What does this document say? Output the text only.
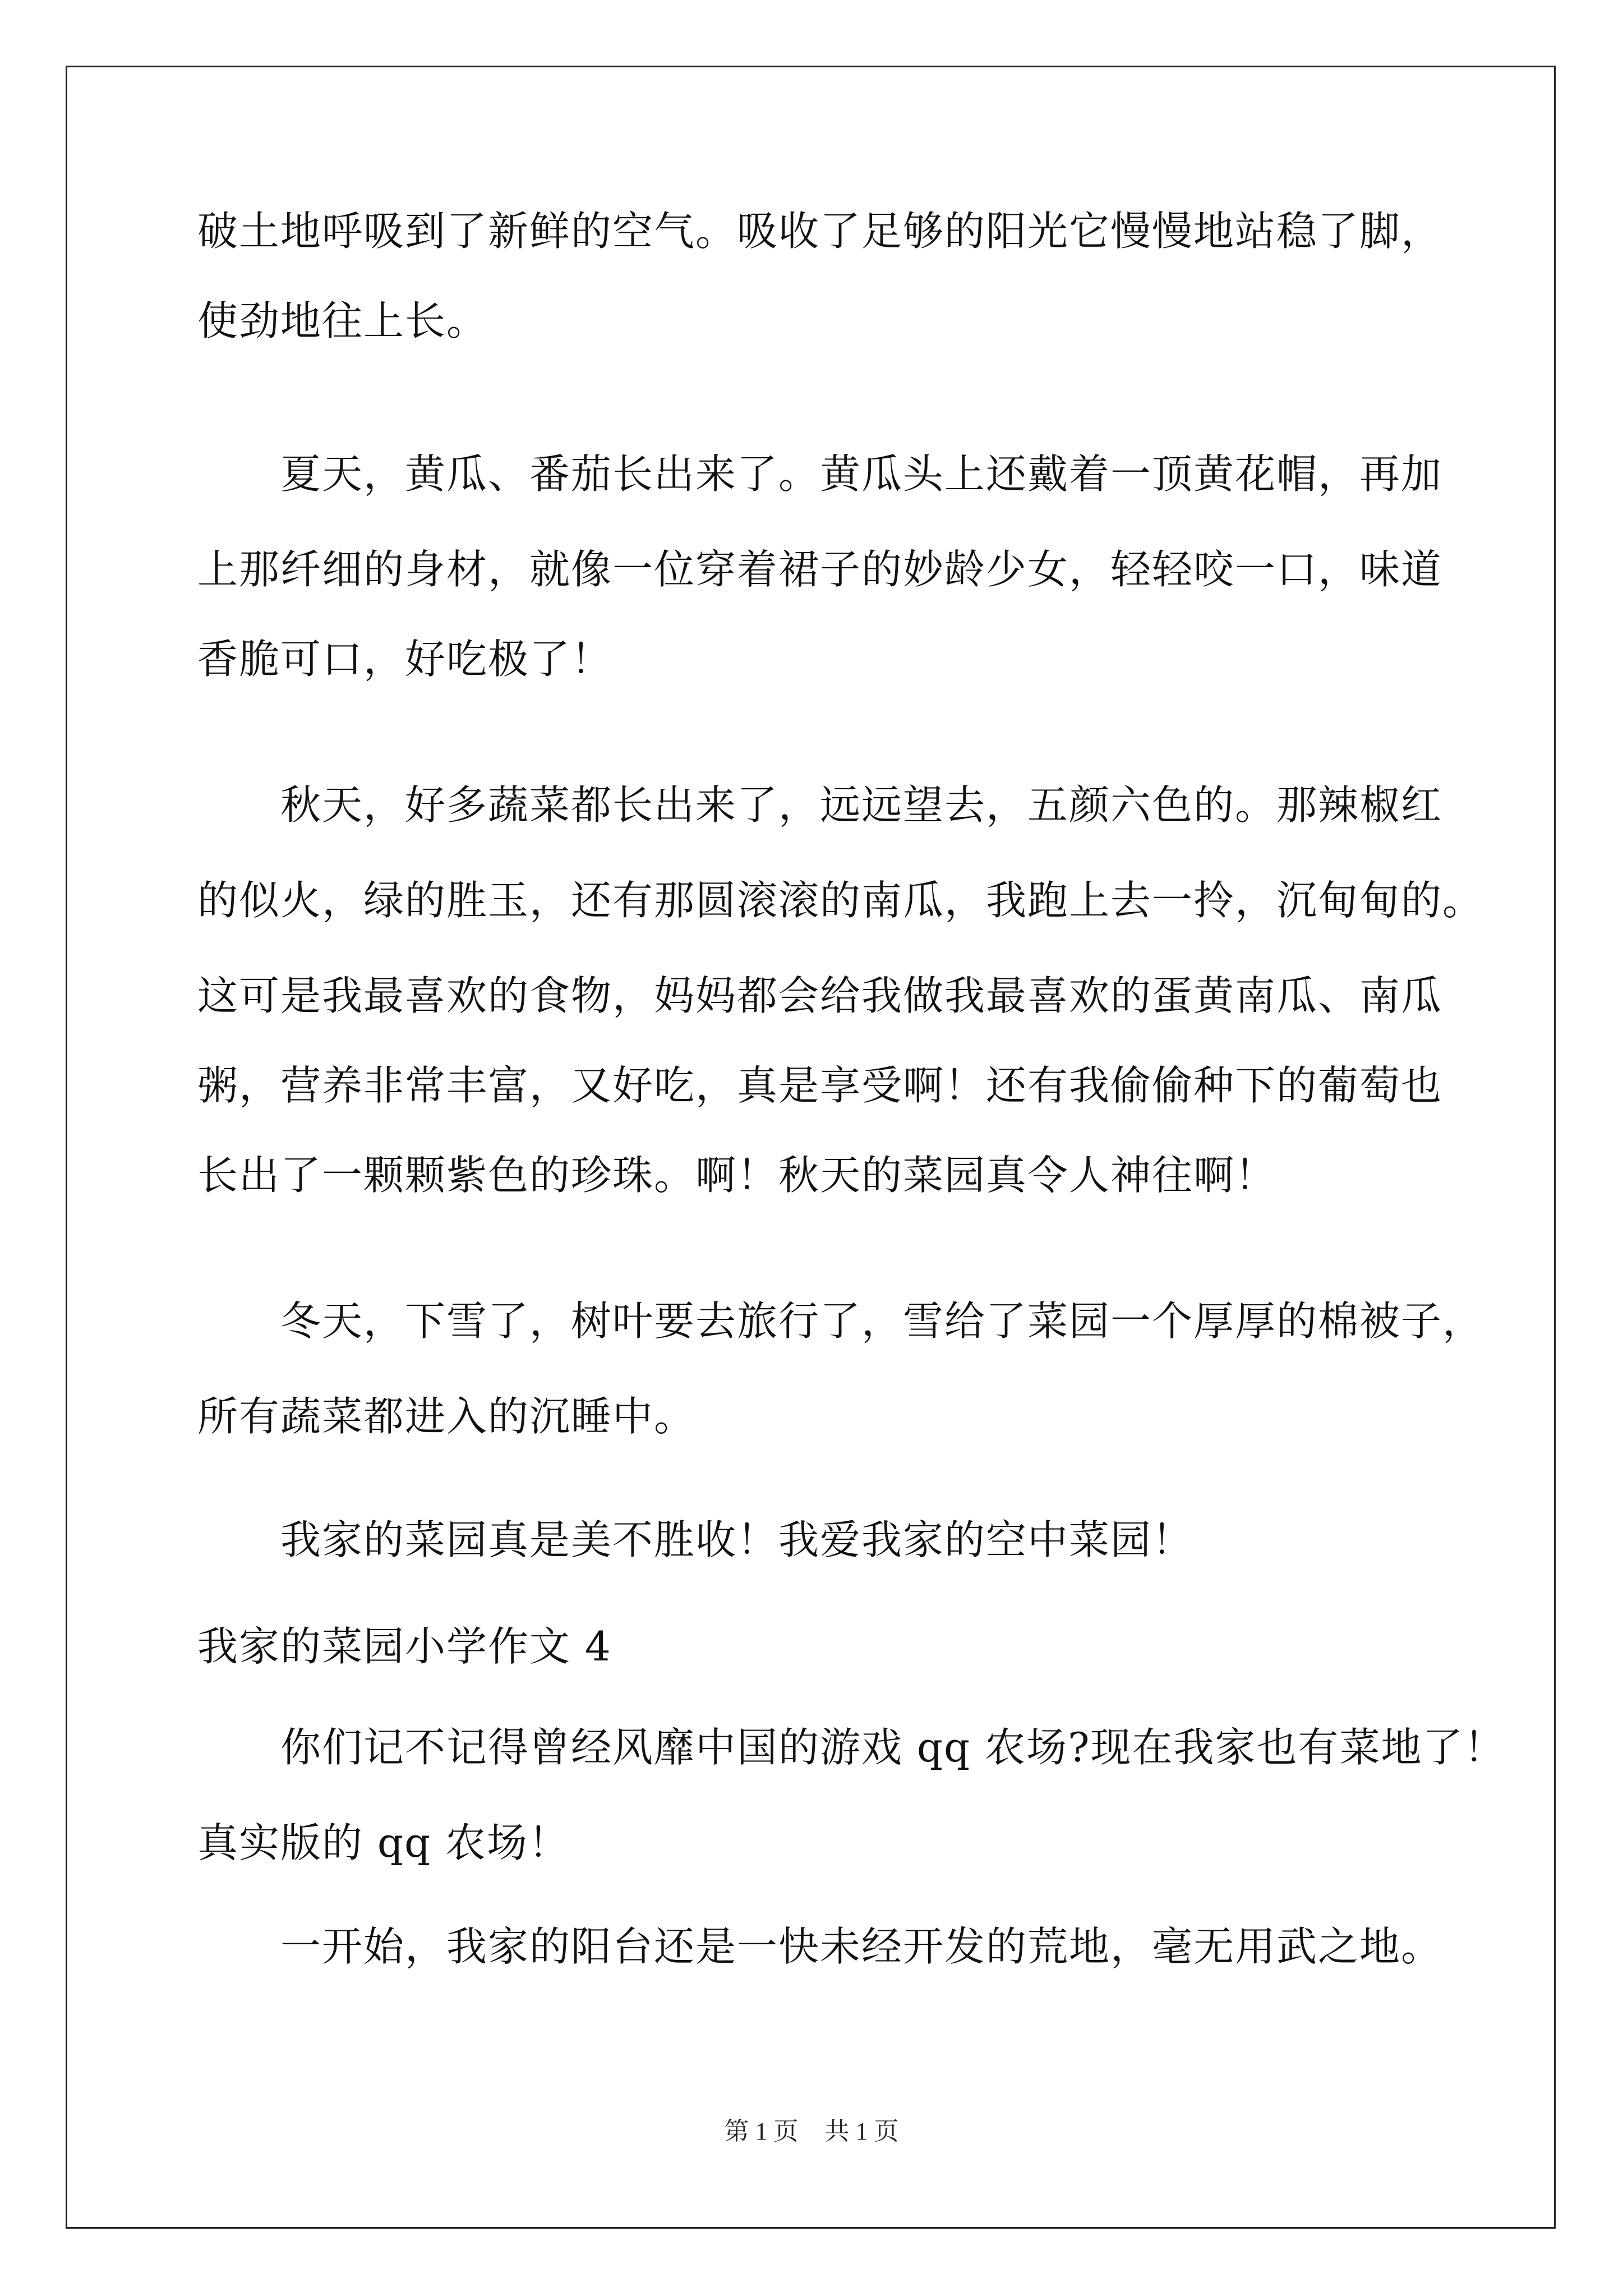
破土地呼吸到了新鲜的空气。吸收了足够的阳光它慢慢地站稳了脚，
使劲地往上长。
夏天，黄瓜、番茄长出来了。黄瓜头上还戴着一顶黄花帽，再加
上那纤细的身材，就像一位穿着裙子的妙龄少女，轻轻咬一口，味道
香脆可口，好吃极了！
秋天，好多蔬菜都长出来了，远远望去，五颜六色的。那辣椒红
的似火，绿的胜玉，还有那圆滚滚的南瓜，我跑上去一拎，沉甸甸的。
这可是我最喜欢的食物，妈妈都会给我做我最喜欢的蛋黄南瓜、南瓜
粥，营养非常丰富，又好吃，真是享受啊！还有我偷偷种下的葡萄也
长出了一颗颗紫色的珍珠。啊！秋天的菜园真令人神往啊！
冬天，下雪了，树叶要去旅行了，雪给了菜园一个厚厚的棉被子，
所有蔬菜都进入的沉睡中。
我家的菜园真是美不胜收！我爱我家的空中菜园！
我家的菜园小学作文 4
你们记不记得曾经风靡中国的游戏 qq 农场?现在我家也有菜地了！
真实版的 qq 农场！
一开始，我家的阳台还是一快未经开发的荒地，毫无用武之地。
第 1 页 共 1 页
